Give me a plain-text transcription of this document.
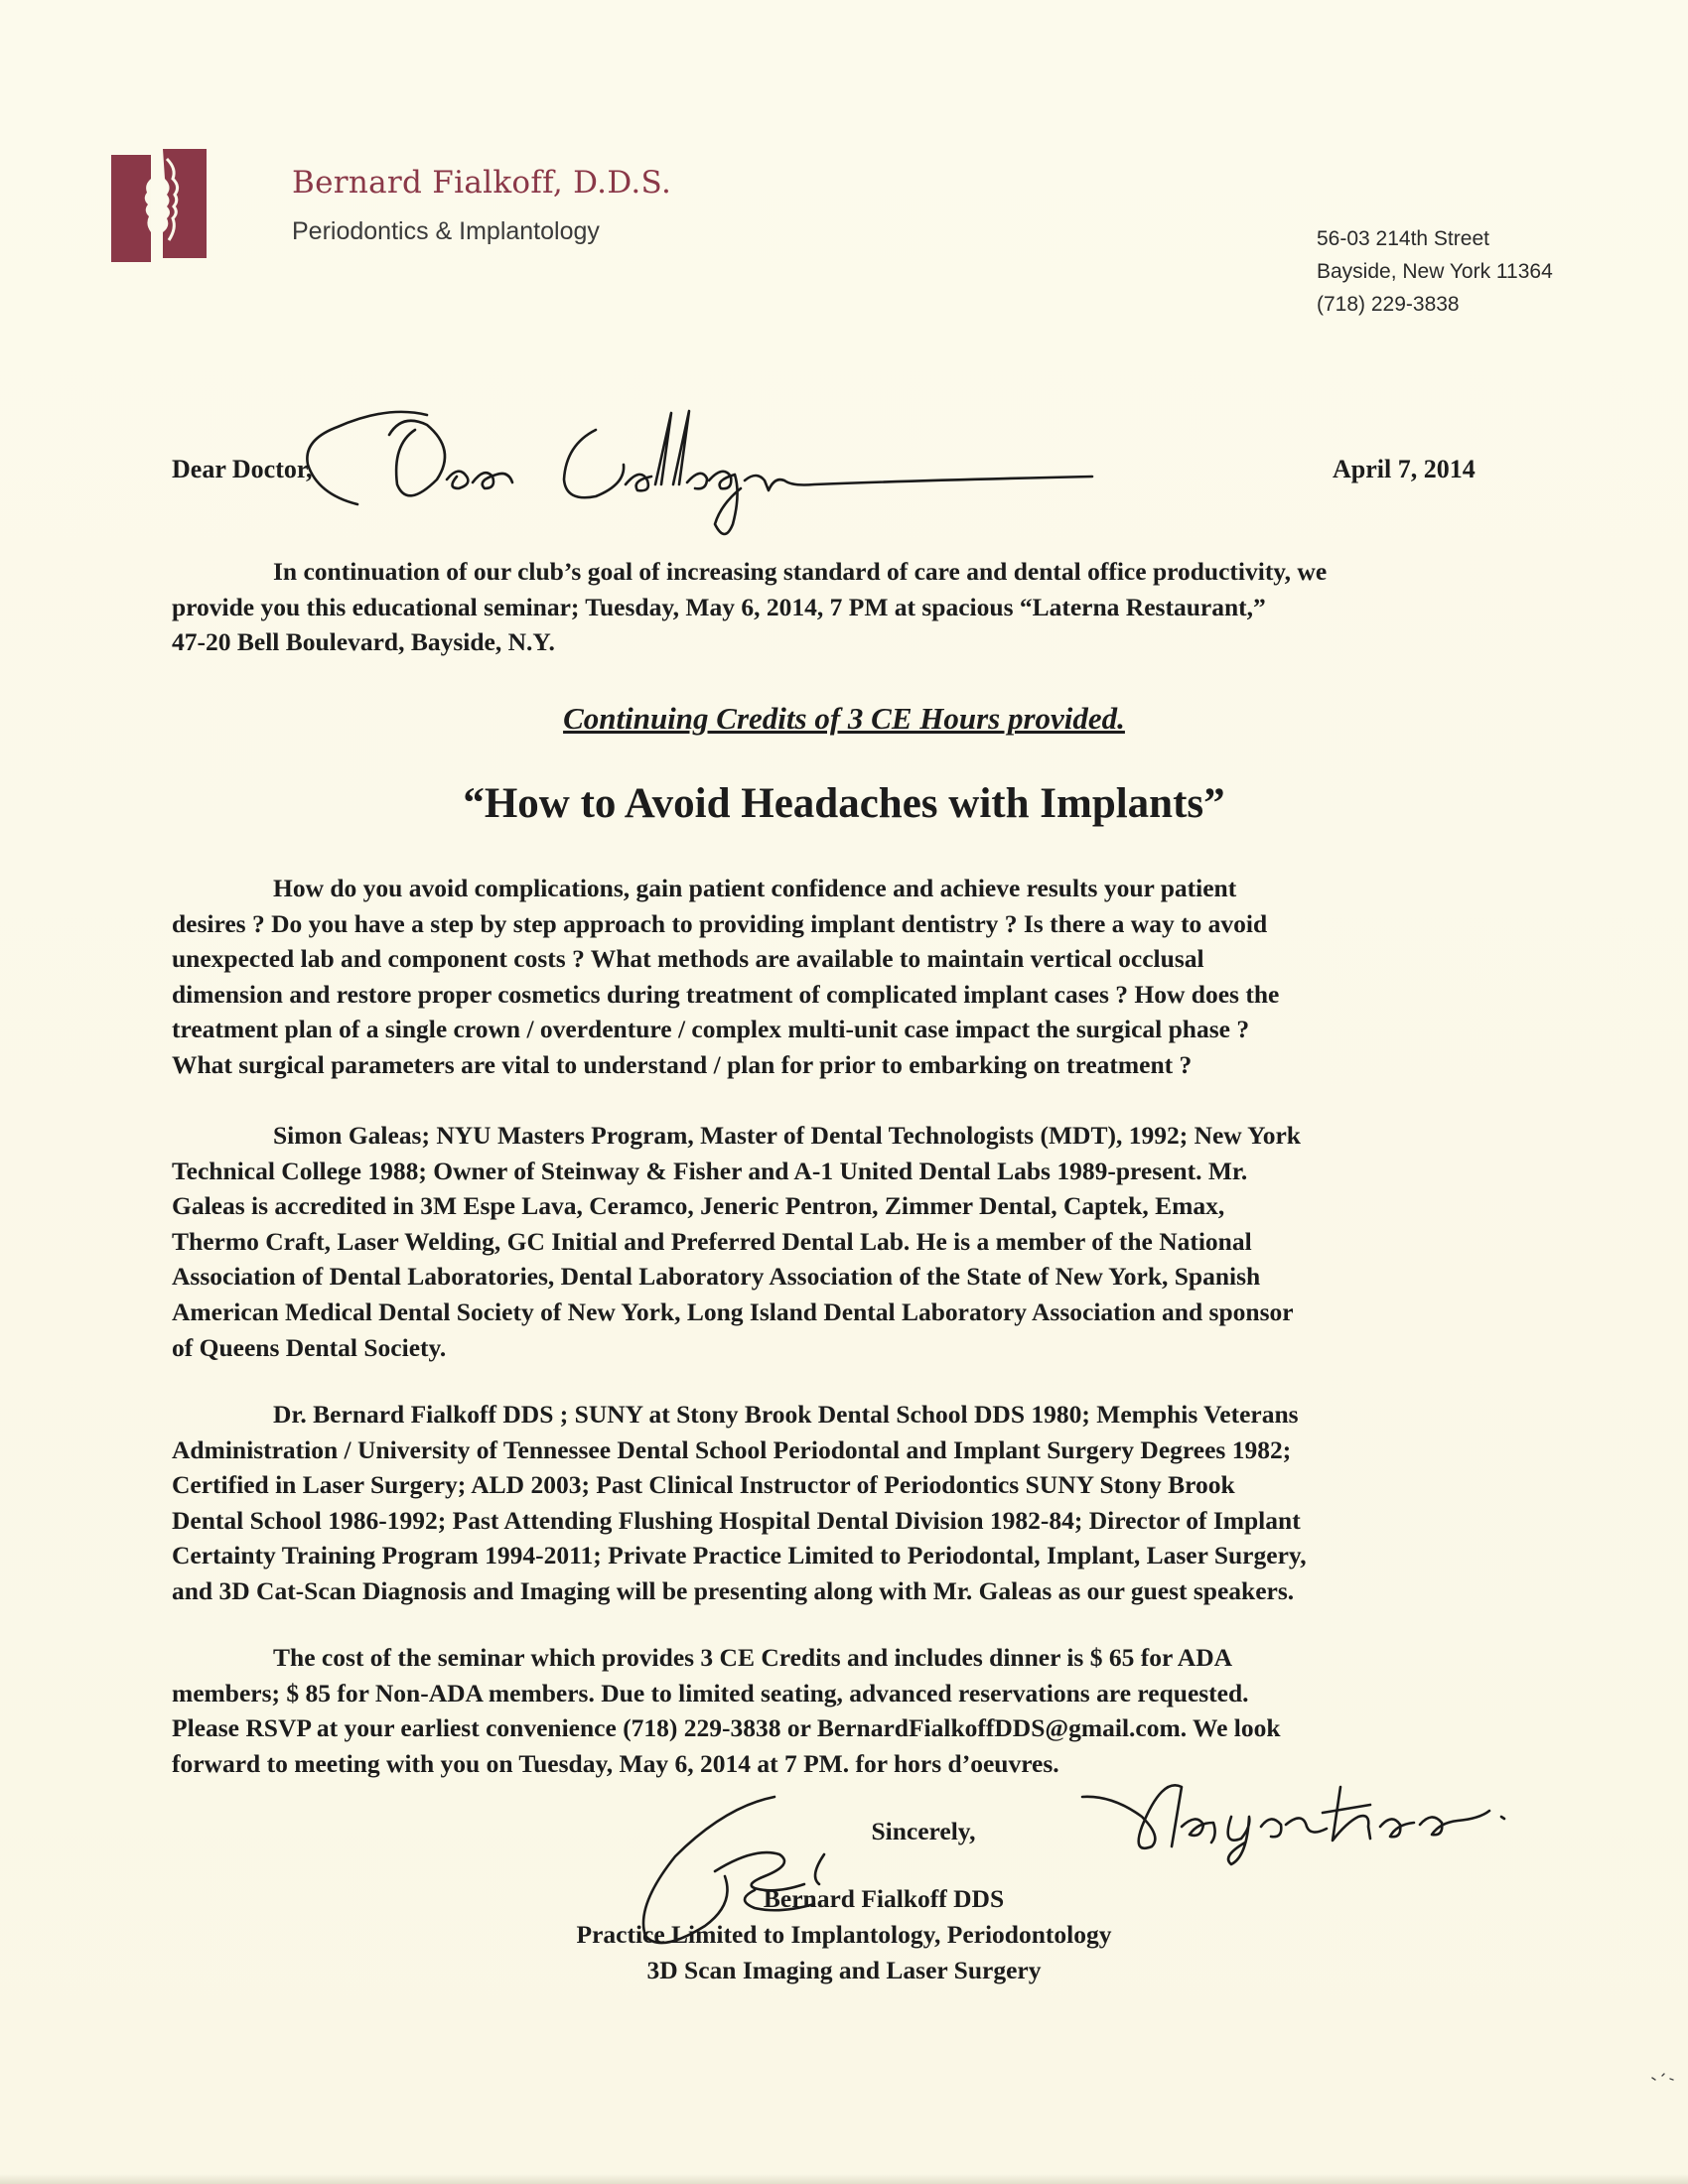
Bernard Fialkoff, D.D.S.
Periodontics & Implantology	56-03 214th Street
Bayside, New York 11364
(718) 229-3838
Dear Doctor,	April 7, 2014
In continuation of our club’s goal of increasing standard of care and dental office productivity, we
provide you this educational seminar; Tuesday, May 6, 2014, 7 PM at spacious “Laterna Restaurant,”
47-20 Bell Boulevard, Bayside, N.Y.
Continuing Credits of 3 CE Hours provided.
“How to Avoid Headaches with Implants”
How do you avoid complications, gain patient confidence and achieve results your patient
desires ? Do you have a step by step approach to providing implant dentistry ? Is there a way to avoid
unexpected lab and component costs ? What methods are available to maintain vertical occlusal
dimension and restore proper cosmetics during treatment of complicated implant cases ? How does the
treatment plan of a single crown / overdenture / complex multi-unit case impact the surgical phase ?
What surgical parameters are vital to understand / plan for prior to embarking on treatment ?
Simon Galeas; NYU Masters Program, Master of Dental Technologists (MDT), 1992; New York
Technical College 1988; Owner of Steinway & Fisher and A-1 United Dental Labs 1989-present. Mr.
Galeas is accredited in 3M Espe Lava, Ceramco, Jeneric Pentron, Zimmer Dental, Captek, Emax,
Thermo Craft, Laser Welding, GC Initial and Preferred Dental Lab. He is a member of the National
Association of Dental Laboratories, Dental Laboratory Association of the State of New York, Spanish
American Medical Dental Society of New York, Long Island Dental Laboratory Association and sponsor
of Queens Dental Society.
Dr. Bernard Fialkoff DDS ; SUNY at Stony Brook Dental School DDS 1980; Memphis Veterans
Administration / University of Tennessee Dental School Periodontal and Implant Surgery Degrees 1982;
Certified in Laser Surgery; ALD 2003; Past Clinical Instructor of Periodontics SUNY Stony Brook
Dental School 1986-1992; Past Attending Flushing Hospital Dental Division 1982-84; Director of Implant
Certainty Training Program 1994-2011; Private Practice Limited to Periodontal, Implant, Laser Surgery,
and 3D Cat-Scan Diagnosis and Imaging will be presenting along with Mr. Galeas as our guest speakers.
The cost of the seminar which provides 3 CE Credits and includes dinner is $ 65 for ADA
members; $ 85 for Non-ADA members. Due to limited seating, advanced reservations are requested.
Please RSVP at your earliest convenience (718) 229-3838 or BernardFialkoffDDS@gmail.com. We look
forward to meeting with you on Tuesday, May 6, 2014 at 7 PM. for hors d’oeuvres.
Sincerely,
Bernard Fialkoff DDS
Practice Limited to Implantology, Periodontology
3D Scan Imaging and Laser Surgery
